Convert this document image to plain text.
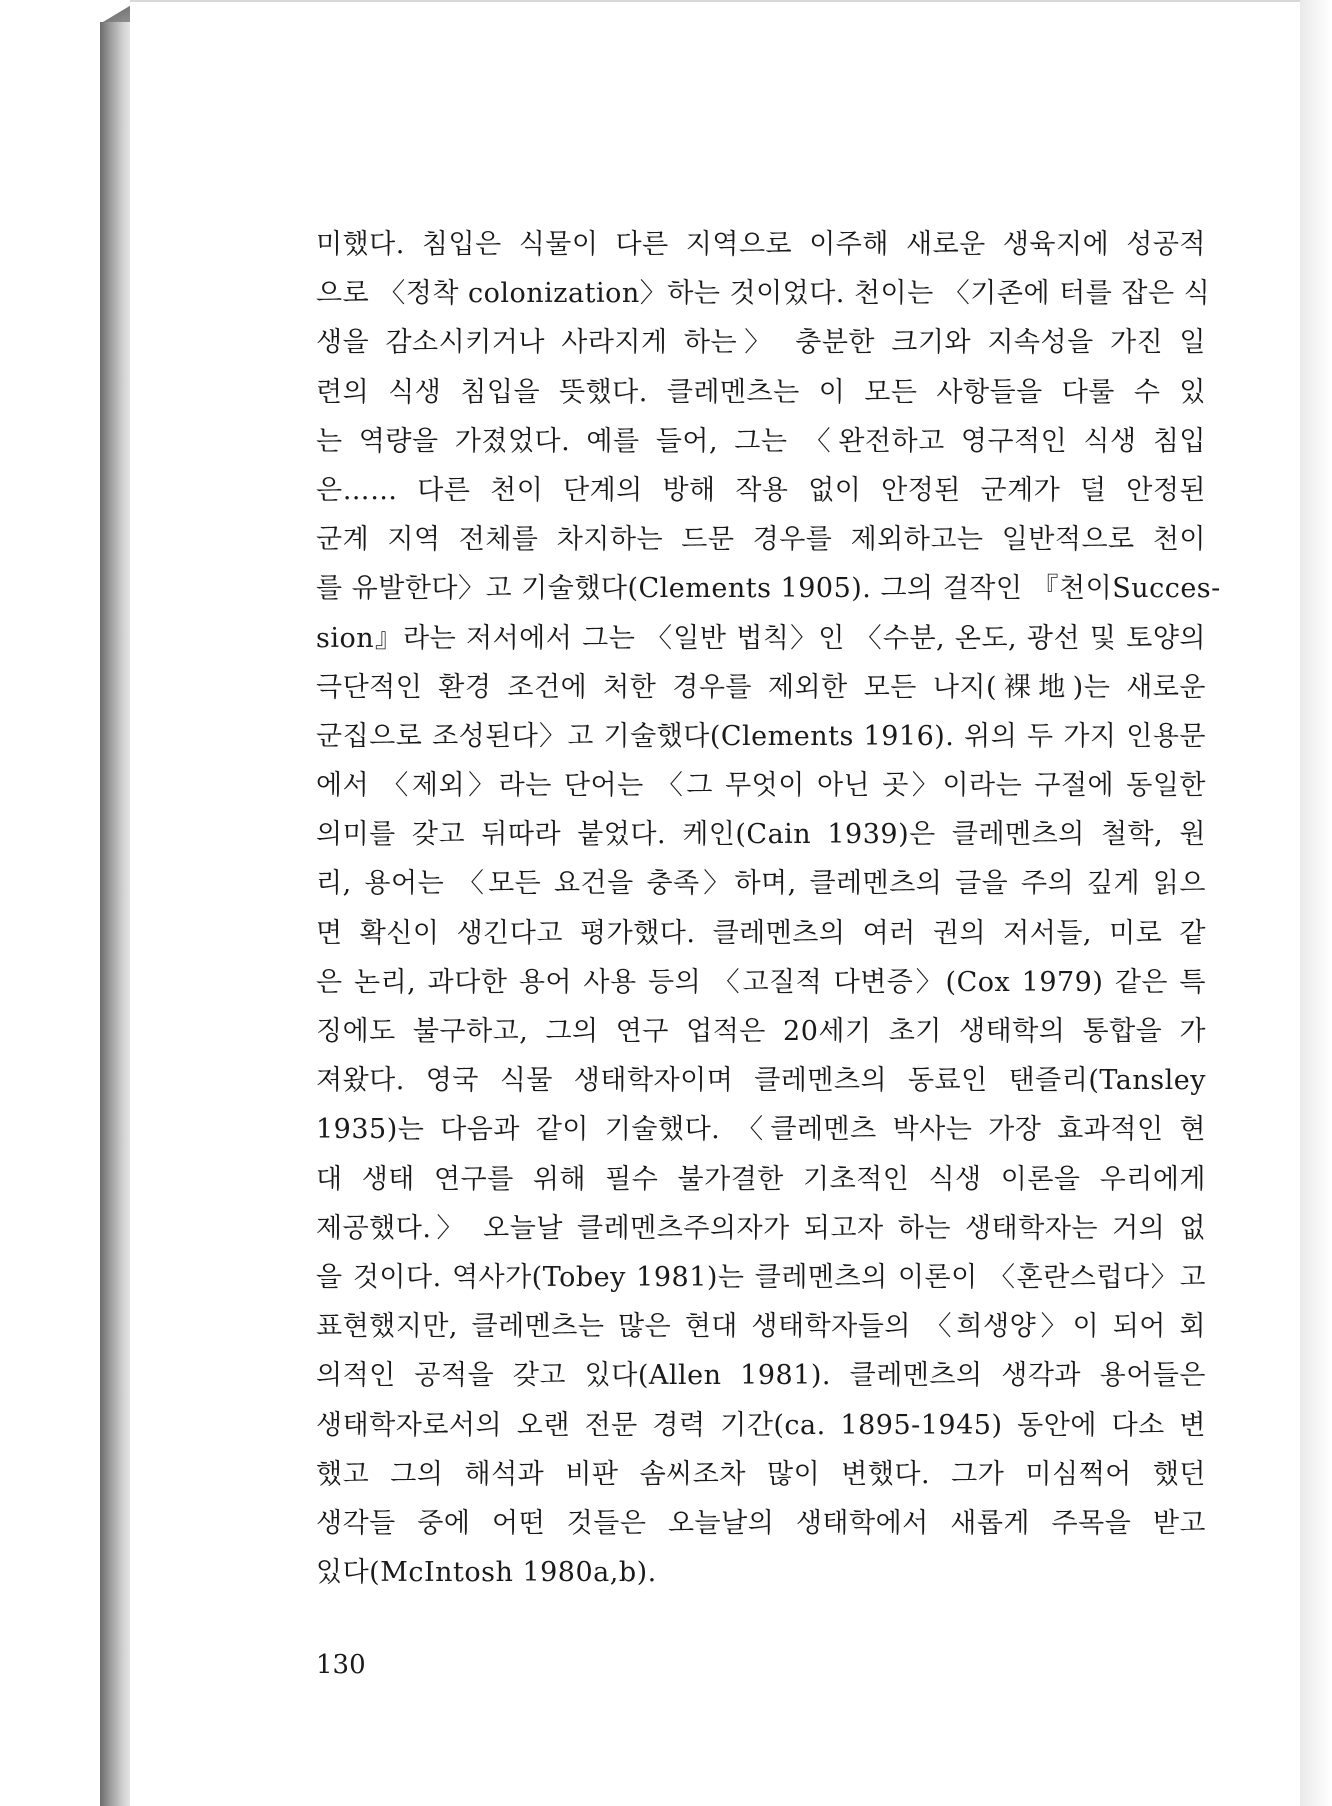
미했다. 침입은 식물이 다른 지역으로 이주해 새로운 생육지에 성공적
으로 〈정착 colonization〉하는 것이었다. 천이는 〈기존에 터를 잡은 식
생을 감소시키거나 사라지게 하는〉 충분한 크기와 지속성을 가진 일
련의 식생 침입을 뜻했다. 클레멘츠는 이 모든 사항들을 다룰 수 있
는 역량을 가졌었다. 예를 들어, 그는 〈완전하고 영구적인 식생 침입
은…… 다른 천이 단계의 방해 작용 없이 안정된 군계가 덜 안정된
군계 지역 전체를 차지하는 드문 경우를 제외하고는 일반적으로 천이
를 유발한다〉고 기술했다(Clements 1905). 그의 걸작인 『천이Succes-
sion』라는 저서에서 그는 〈일반 법칙〉인 〈수분, 온도, 광선 및 토양의
극단적인 환경 조건에 처한 경우를 제외한 모든 나지(裸地)는 새로운
군집으로 조성된다〉고 기술했다(Clements 1916). 위의 두 가지 인용문
에서 〈제외〉라는 단어는 〈그 무엇이 아닌 곳〉이라는 구절에 동일한
의미를 갖고 뒤따라 붙었다. 케인(Cain 1939)은 클레멘츠의 철학, 원
리, 용어는 〈모든 요건을 충족〉하며, 클레멘츠의 글을 주의 깊게 읽으
면 확신이 생긴다고 평가했다. 클레멘츠의 여러 권의 저서들, 미로 같
은 논리, 과다한 용어 사용 등의 〈고질적 다변증〉(Cox 1979) 같은 특
징에도 불구하고, 그의 연구 업적은 20세기 초기 생태학의 통합을 가
져왔다. 영국 식물 생태학자이며 클레멘츠의 동료인 탠즐리(Tansley
1935)는 다음과 같이 기술했다. 〈클레멘츠 박사는 가장 효과적인 현
대 생태 연구를 위해 필수 불가결한 기초적인 식생 이론을 우리에게
제공했다.〉 오늘날 클레멘츠주의자가 되고자 하는 생태학자는 거의 없
을 것이다. 역사가(Tobey 1981)는 클레멘츠의 이론이 〈혼란스럽다〉고
표현했지만, 클레멘츠는 많은 현대 생태학자들의 〈희생양〉이 되어 회
의적인 공적을 갖고 있다(Allen 1981). 클레멘츠의 생각과 용어들은
생태학자로서의 오랜 전문 경력 기간(ca. 1895-1945) 동안에 다소 변
했고 그의 해석과 비판 솜씨조차 많이 변했다. 그가 미심쩍어 했던
생각들 중에 어떤 것들은 오늘날의 생태학에서 새롭게 주목을 받고
있다(McIntosh 1980a,b).
130
